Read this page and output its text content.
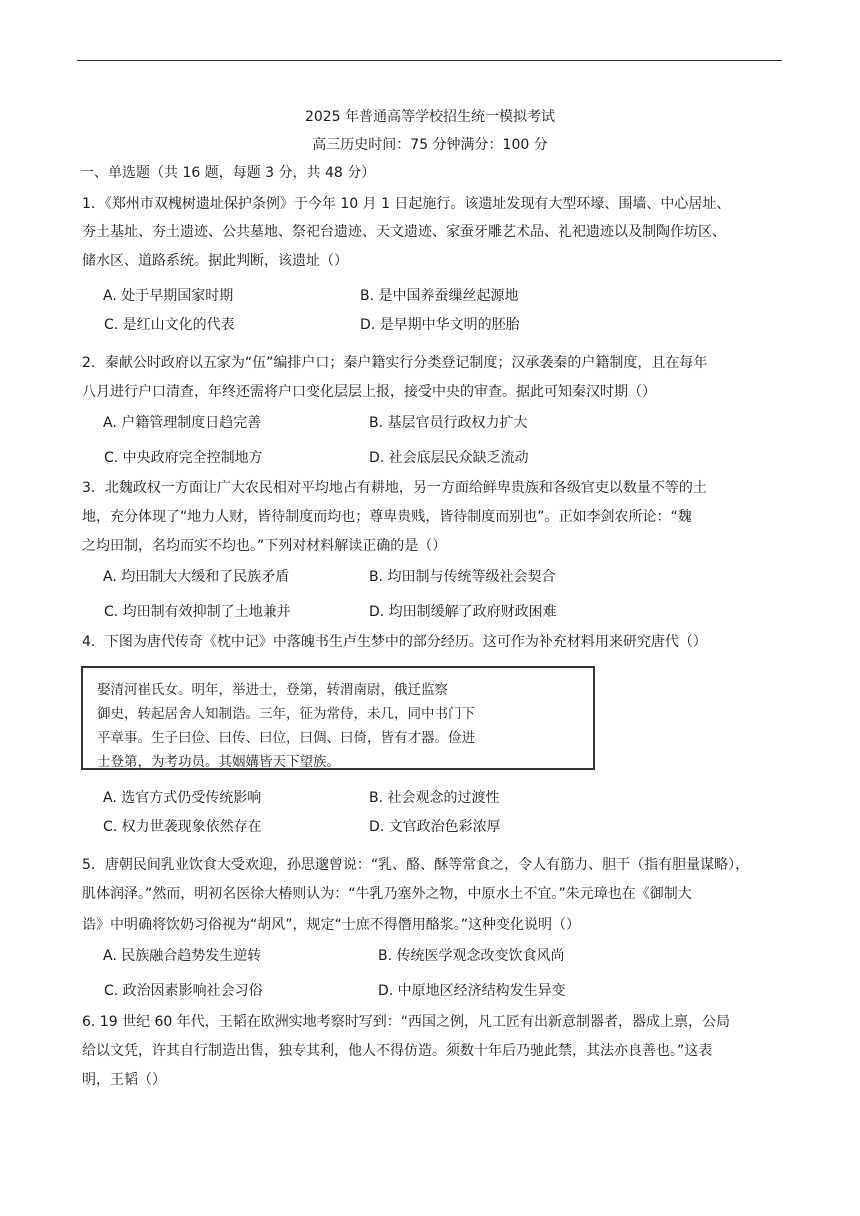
2025 年普通高等学校招生统一模拟考试
高三历史时间：75 分钟满分：100 分
一、单选题（共 16 题，每题 3 分，共 48 分）
1．《郑州市双槐树遗址保护条例》于今年 10 月 1 日起施行。该遗址发现有大型环壕、围墙、中心居址、
夯土基址、夯土遗迹、公共墓地、祭祀台遗迹、天文遗迹、家蚕牙雕艺术品、礼祀遗迹以及制陶作坊区、
储水区、道路系统。据此判断，该遗址（）
A. 处于早期国家时期	B. 是中国养蚕缫丝起源地
C. 是红山文化的代表	D. 是早期中华文明的胚胎
2．秦献公时政府以五家为“伍”编排户口；秦户籍实行分类登记制度；汉承袭秦的户籍制度，且在每年
八月进行户口清查，年终还需将户口变化层层上报，接受中央的审查。据此可知秦汉时期（）
A. 户籍管理制度日趋完善	B. 基层官员行政权力扩大
C. 中央政府完全控制地方	D. 社会底层民众缺乏流动
3．北魏政权一方面让广大农民相对平均地占有耕地，另一方面给鲜卑贵族和各级官吏以数量不等的土
地，充分体现了“地力人财，皆待制度而均也；尊卑贵贱，皆待制度而别也”。正如李剑农所论：“魏
之均田制，名均而实不均也。”下列对材料解读正确的是（）
A. 均田制大大缓和了民族矛盾	B. 均田制与传统等级社会契合
C. 均田制有效抑制了土地兼并	D. 均田制缓解了政府财政困难
4．下图为唐代传奇《枕中记》中落魄书生卢生梦中的部分经历。这可作为补充材料用来研究唐代（）
娶清河崔氏女。明年，举进士，登第，转渭南尉，俄迁监察
御史，转起居舍人知制诰。三年，征为常侍，未几，同中书门下
平章事。生子曰俭、曰传、曰位，曰倜、曰倚，皆有才器。俭进
士登第，为考功员。其姻媾皆天下望族。
A. 选官方式仍受传统影响	B. 社会观念的过渡性
C. 权力世袭现象依然存在	D. 文官政治色彩浓厚
5．唐朝民间乳业饮食大受欢迎，孙思邈曾说：“乳、酪、酥等常食之，令人有筋力、胆干（指有胆量谋略），
肌体润泽。”然而，明初名医徐大椿则认为：“牛乳乃塞外之物，中原水土不宜。”朱元璋也在《御制大
诰》中明确将饮奶习俗视为“胡风”，规定“士庶不得僭用酪浆。”这种变化说明（）
A. 民族融合趋势发生逆转	B. 传统医学观念改变饮食风尚
C. 政治因素影响社会习俗	D. 中原地区经济结构发生异变
6. 19 世纪 60 年代，王韬在欧洲实地考察时写到：“西国之例，凡工匠有出新意制器者，器成上禀，公局
给以文凭，许其自行制造出售，独专其利，他人不得仿造。须数十年后乃驰此禁，其法亦良善也。”这表
明，王韬（）
